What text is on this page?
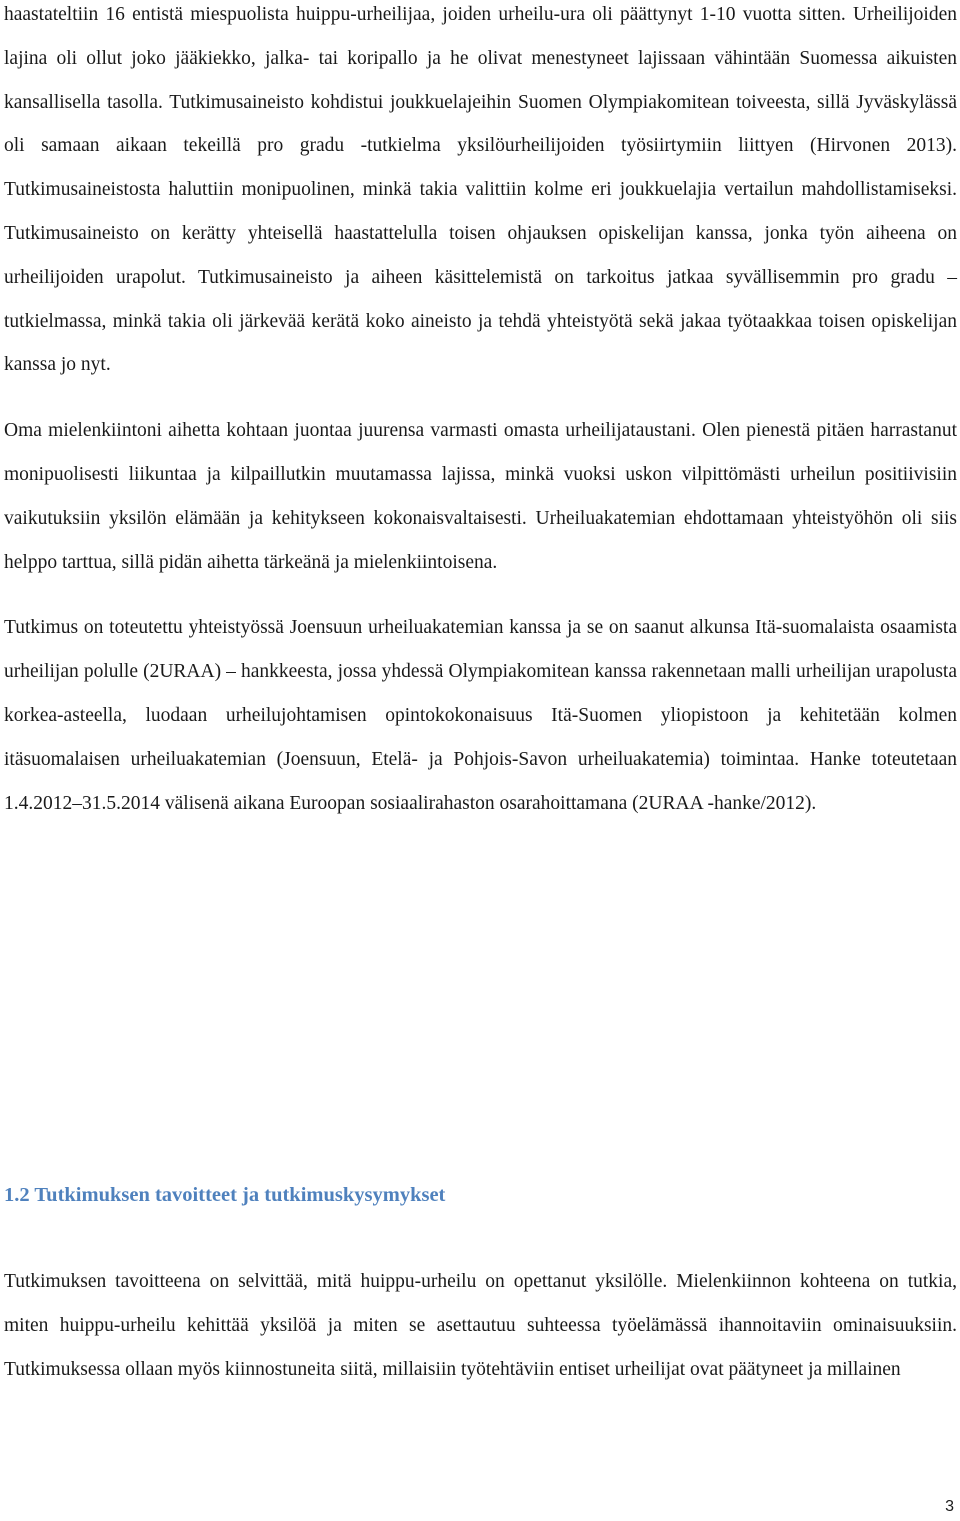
haastateltiin 16 entistä miespuolista huippu-urheilijaa, joiden urheilu-ura oli päättynyt 1-10 vuotta sitten. Urheilijoiden lajina oli ollut joko jääkiekko, jalka- tai koripallo ja he olivat menestyneet lajissaan vähintään Suomessa aikuisten kansallisella tasolla. Tutkimusaineisto kohdistui joukkuelajeihin Suomen Olympiakomitean toiveesta, sillä Jyväskylässä oli samaan aikaan tekeillä pro gradu -tutkielma yksilöurheilijoiden työsiirtymiin liittyen (Hirvonen 2013). Tutkimusaineistosta haluttiin monipuolinen, minkä takia valittiin kolme eri joukkuelajia vertailun mahdollistamiseksi. Tutkimusaineisto on kerätty yhteisellä haastattelulla toisen ohjauksen opiskelijan kanssa, jonka työn aiheena on urheilijoiden urapolut. Tutkimusaineisto ja aiheen käsittelemistä on tarkoitus jatkaa syvällisemmin pro gradu – tutkielmassa, minkä takia oli järkevää kerätä koko aineisto ja tehdä yhteistyötä sekä jakaa työtaakkaa toisen opiskelijan kanssa jo nyt.

Oma mielenkiintoni aihetta kohtaan juontaa juurensa varmasti omasta urheilijataustani. Olen pienestä pitäen harrastanut monipuolisesti liikuntaa ja kilpaillutkin muutamassa lajissa, minkä vuoksi uskon vilpittömästi urheilun positiivisiin vaikutuksiin yksilön elämään ja kehitykseen kokonaisvaltaisesti. Urheiluakatemian ehdottamaan yhteistyöhön oli siis helppo tarttua, sillä pidän aihetta tärkeänä ja mielenkiintoisena.

Tutkimus on toteutettu yhteistyössä Joensuun urheiluakatemian kanssa ja se on saanut alkunsa Itä-suomalaista osaamista urheilijan polulle (2URAA) – hankkeesta, jossa yhdessä Olympiakomitean kanssa rakennetaan malli urheilijan urapolusta korkea-asteella, luodaan urheilujohtamisen opintokokonaisuus Itä-Suomen yliopistoon ja kehitetään kolmen itäsuomalaisen urheiluakatemian (Joensuun, Etelä- ja Pohjois-Savon urheiluakatemia) toimintaa. Hanke toteutetaan 1.4.2012–31.5.2014 välisenä aikana Euroopan sosiaalirahaston osarahoittamana (2URAA -hanke/2012).

1.2 Tutkimuksen tavoitteet ja tutkimuskysymykset

Tutkimuksen tavoitteena on selvittää, mitä huippu-urheilu on opettanut yksilölle. Mielenkiinnon kohteena on tutkia, miten huippu-urheilu kehittää yksilöä ja miten se asettautuu suhteessa työelämässä ihannoitaviin ominaisuuksiin. Tutkimuksessa ollaan myös kiinnostuneita siitä, millaisiin työtehtäviin entiset urheilijat ovat päätyneet ja millainen

3
